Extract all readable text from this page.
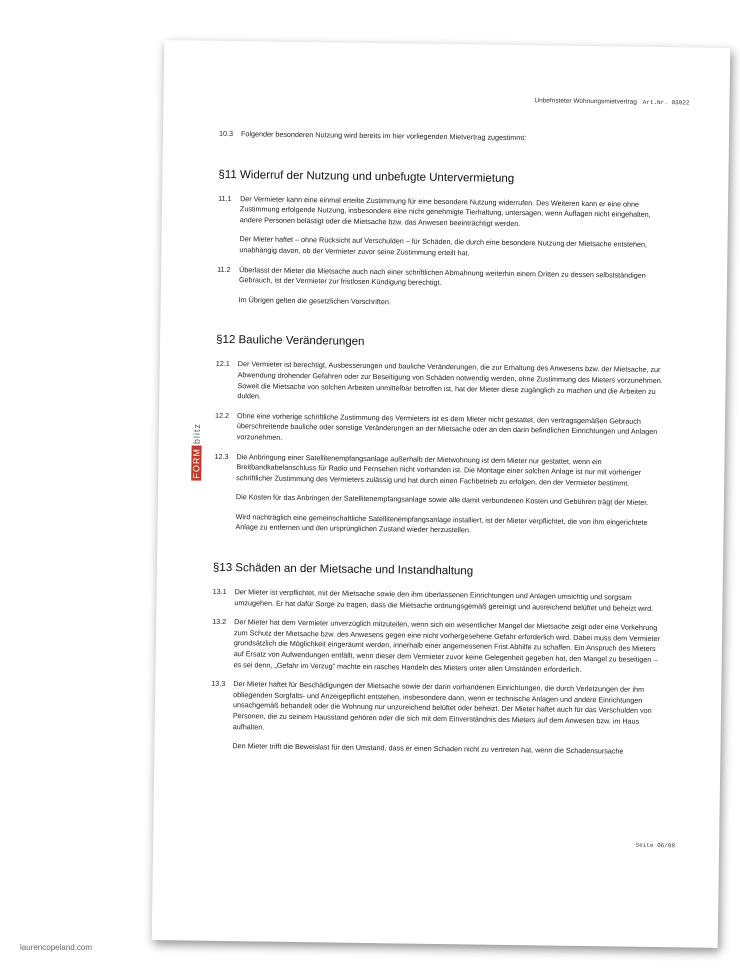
Unbefristeter Wohnungsmietvertrag Art.Nr. 03022
FORMblitz
10.3 Folgender besonderen Nutzung wird bereits im hier vorliegenden Mietvertrag zugestimmt:
§11 Widerruf der Nutzung und unbefugte Untervermietung
11.1 Der Vermieter kann eine einmal erteilte Zustimmung für eine besondere Nutzung widerrufen. Des Weiteren kann er eine ohne Zustimmung erfolgende Nutzung, insbesondere eine nicht genehmigte Tierhaltung, untersagen, wenn Auflagen nicht eingehalten, andere Personen belästigt oder die Mietsache bzw. das Anwesen beeinträchtigt werden.
Der Mieter haftet – ohne Rücksicht auf Verschulden – für Schäden, die durch eine besondere Nutzung der Mietsache entstehen, unabhängig davon, ob der Vermieter zuvor seine Zustimmung erteilt hat.
11.2 Überlasst der Mieter die Mietsache auch nach einer schriftlichen Abmahnung weiterhin einem Dritten zu dessen selbstständigen Gebrauch, ist der Vermieter zur fristlosen Kündigung berechtigt.
Im Übrigen gelten die gesetzlichen Vorschriften.
§12 Bauliche Veränderungen
12.1 Der Vermieter ist berechtigt, Ausbesserungen und bauliche Veränderungen, die zur Erhaltung des Anwesens bzw. der Mietsache, zur Abwendung drohender Gefahren oder zur Beseitigung von Schäden notwendig werden, ohne Zustimmung des Mieters vorzunehmen. Soweit die Mietsache von solchen Arbeiten unmittelbar betroffen ist, hat der Mieter diese zugänglich zu machen und die Arbeiten zu dulden.
12.2 Ohne eine vorherige schriftliche Zustimmung des Vermieters ist es dem Mieter nicht gestattet, den vertragsgemäßen Gebrauch überschreitende bauliche oder sonstige Veränderungen an der Mietsache oder an den darin befindlichen Einrichtungen und Anlagen vorzunehmen.
12.3 Die Anbringung einer Satellitenempfangsanlage außerhalb der Mietwohnung ist dem Mieter nur gestattet, wenn ein Breitbandkabelanschluss für Radio und Fernsehen nicht vorhanden ist. Die Montage einer solchen Anlage ist nur mit vorheriger schriftlicher Zustimmung des Vermieters zulässig und hat durch einen Fachbetrieb zu erfolgen, den der Vermieter bestimmt.
Die Kosten für das Anbringen der Satellitenempfangsanlage sowie alle damit verbundenen Kosten und Gebühren trägt der Mieter.
Wird nachträglich eine gemeinschaftliche Satellitenempfangsanlage installiert, ist der Mieter verpflichtet, die von ihm eingerichtete Anlage zu entfernen und den ursprünglichen Zustand wieder herzustellen.
§13 Schäden an der Mietsache und Instandhaltung
13.1 Der Mieter ist verpflichtet, mit der Mietsache sowie den ihm überlassenen Einrichtungen und Anlagen umsichtig und sorgsam umzugehen. Er hat dafür Sorge zu tragen, dass die Mietsache ordnungsgemäß gereinigt und ausreichend belüftet und beheizt wird.
13.2 Der Mieter hat dem Vermieter unverzüglich mitzuteilen, wenn sich ein wesentlicher Mangel der Mietsache zeigt oder eine Vorkehrung zum Schutz der Mietsache bzw. des Anwesens gegen eine nicht vorhergesehene Gefahr erforderlich wird. Dabei muss dem Vermieter grundsätzlich die Möglichkeit eingeräumt werden, innerhalb einer angemessenen Frist Abhilfe zu schaffen. Ein Anspruch des Mieters auf Ersatz von Aufwendungen entfällt, wenn dieser dem Vermieter zuvor keine Gelegenheit gegeben hat, den Mangel zu beseitigen – es sei denn, „Gefahr im Verzug“ machte ein rasches Handeln des Mieters unter allen Umständen erforderlich.
13.3 Der Mieter haftet für Beschädigungen der Mietsache sowie der darin vorhandenen Einrichtungen, die durch Verletzungen der ihm obliegenden Sorgfalts- und Anzeigepflicht entstehen, insbesondere dann, wenn er technische Anlagen und andere Einrichtungen unsachgemäß behandelt oder die Wohnung nur unzureichend belüftet oder beheizt. Der Mieter haftet auch für das Verschulden von Personen, die zu seinem Hausstand gehören oder die sich mit dem Einverständnis des Mieters auf dem Anwesen bzw. im Haus aufhalten.
Den Mieter trifft die Beweislast für den Umstand, dass er einen Schaden nicht zu vertreten hat, wenn die Schadensursache
Seite 06/08
laurencopeland.com
